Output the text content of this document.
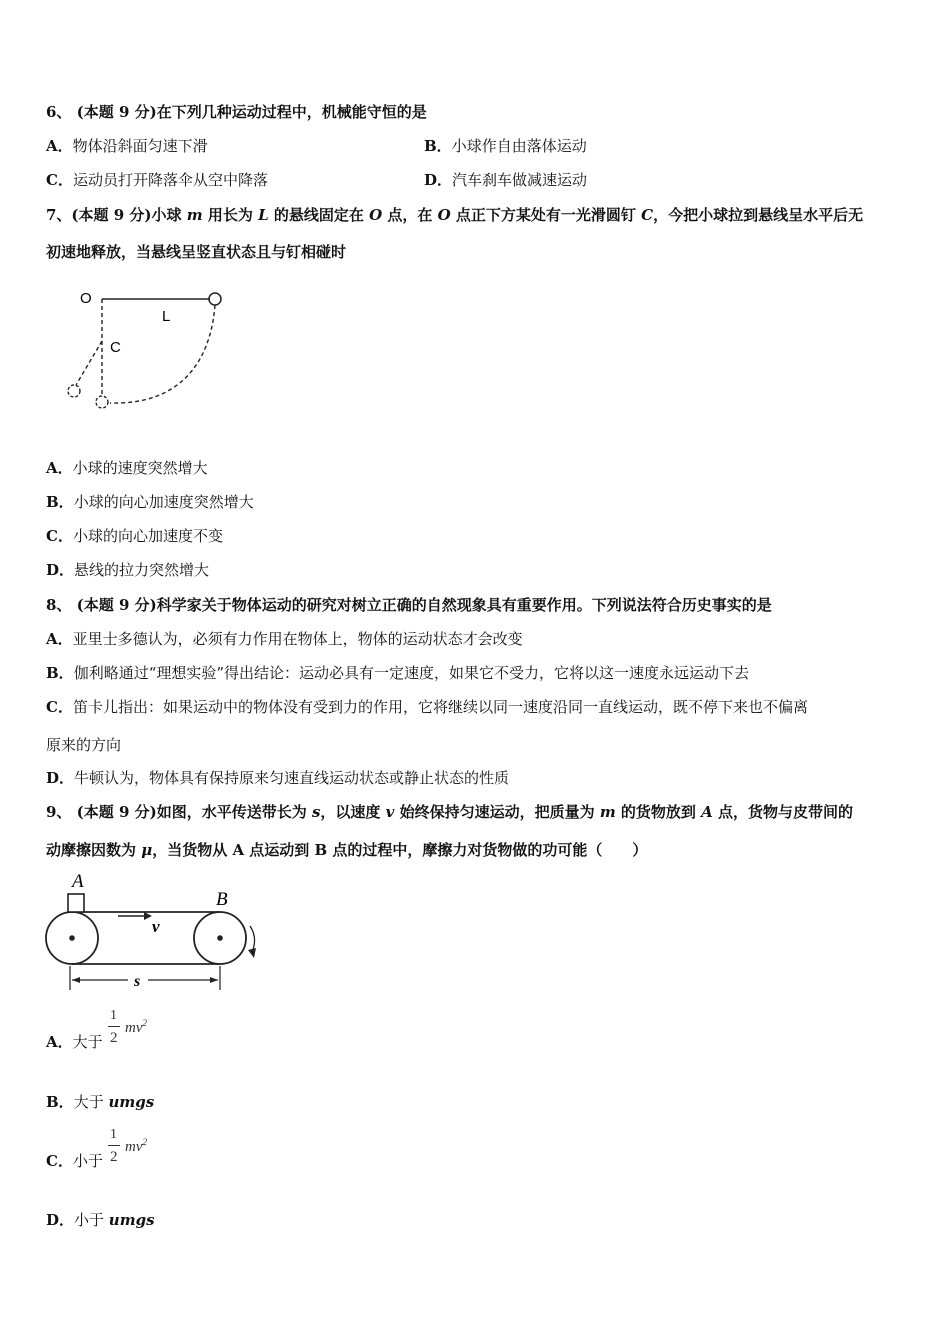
6、 (本题 9 分)在下列几种运动过程中，机械能守恒的是
A．物体沿斜面匀速下滑	B．小球作自由落体运动
C．运动员打开降落伞从空中降落	D．汽车刹车做减速运动
7、(本题 9 分)小球 m 用长为 L 的悬线固定在 O 点，在 O 点正下方某处有一光滑圆钉 C，今把小球拉到悬线呈水平后无
初速地释放，当悬线呈竖直状态且与钉相碰时
O
L
C
A．小球的速度突然增大
B．小球的向心加速度突然增大
C．小球的向心加速度不变
D．悬线的拉力突然增大
8、 (本题 9 分)科学家关于物体运动的研究对树立正确的自然现象具有重要作用。下列说法符合历史事实的是
A．亚里士多德认为，必须有力作用在物体上，物体的运动状态才会改变
B．伽利略通过“理想实验”得出结论：运动必具有一定速度，如果它不受力，它将以这一速度永远运动下去
C．笛卡儿指出：如果运动中的物体没有受到力的作用，它将继续以同一速度沿同一直线运动，既不停下来也不偏离
原来的方向
D．牛顿认为，物体具有保持原来匀速直线运动状态或静止状态的性质
9、 (本题 9 分)如图，水平传送带长为 s，以速度 v 始终保持匀速运动，把质量为 m 的货物放到 A 点，货物与皮带间的
动摩擦因数为 μ，当货物从 A 点运动到 B 点的过程中，摩擦力对货物做的功可能（　　）
A
B
v
s
A．大于
1
2
$mv^2$
B．大于 umgs
C．小于
1
2
$mv^2$
D．小于 umgs
